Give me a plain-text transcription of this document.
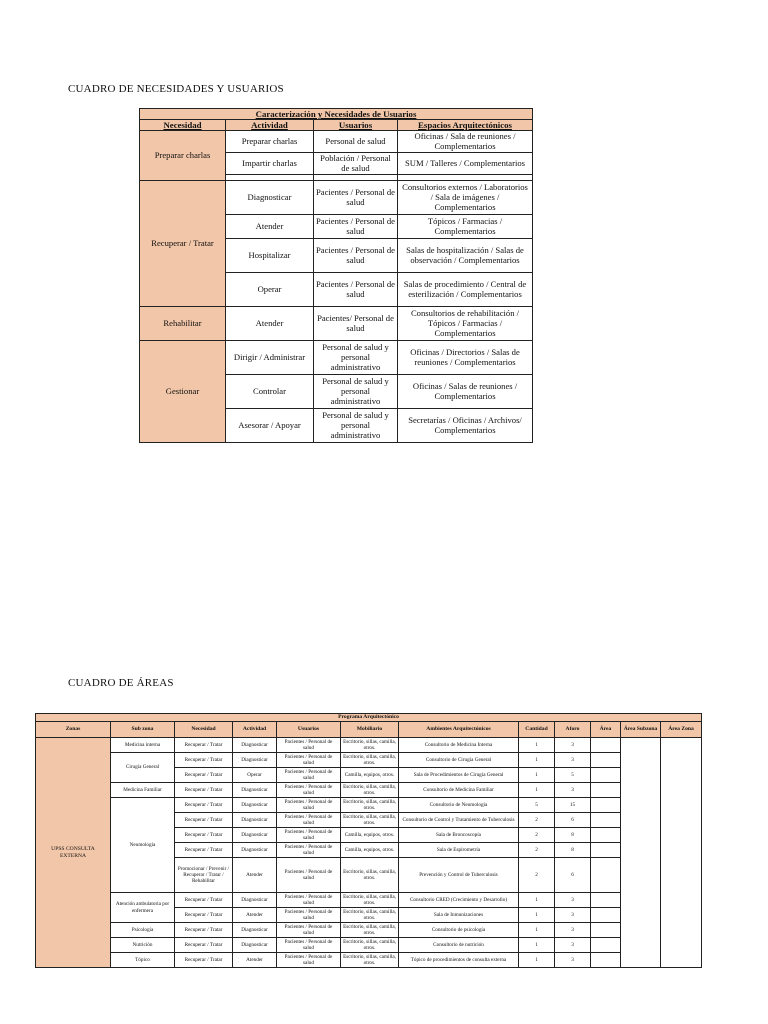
CUADRO DE NECESIDADES Y USUARIOS
Caracterización y Necesidades de Usuarios			
Necesidad	Actividad	Usuarios	Espacios Arquitectónicos
Preparar charlas	Preparar charlas	Personal de salud	Oficinas / Sala de reuniones / Complementarios
	Impartir charlas	Población / Personal de salud	SUM / Talleres / Complementarios

Recuperar / Tratar	Diagnosticar	Pacientes / Personal de salud	Consultorios externos / Laboratorios / Sala de imágenes / Complementarios
	Atender	Pacientes / Personal de salud	Tópicos / Farmacias / Complementarios
	Hospitalizar	Pacientes / Personal de salud	Salas de hospitalización / Salas de observación / Complementarios
	Operar	Pacientes / Personal de salud	Salas de procedimiento / Central de esterilización / Complementarios
Rehabilitar	Atender	Pacientes/ Personal de salud	Consultorios de rehabilitación / Tópicos / Farmacias / Complementarios
Gestionar	Dirigir / Administrar	Personal de salud y personal administrativo	Oficinas / Directorios / Salas de reuniones / Complementarios
	Controlar	Personal de salud y personal administrativo	Oficinas / Salas de reuniones / Complementarios
	Asesorar / Apoyar	Personal de salud y personal administrativo	Secretarías / Oficinas / Archivos/ Complementarios
CUADRO DE ÁREAS
Programa Arquitectónico											
Zonas	Sub zona	Necesidad	Actividad	Usuarios	Mobiliario	Ambientes Arquitectónicos	Cantidad	Aforo	Área	Área Subzona	Área Zona
UPSS CONSULTA EXTERNA	Medicina interna	Recuperar / Tratar	Diagnosticar	Pacientes / Personal de salud	Escritorio, sillas, camilla, otros.	Consultorio de Medicina Interna	1	3			
	Cirugía General	Recuperar / Tratar	Diagnosticar	Pacientes / Personal de salud	Escritorio, sillas, camilla, otros.	Consultorio de Cirugía General	1	3			
		Recuperar / Tratar	Operar	Pacientes / Personal de salud	Camilla, equipos, otros.	Sala de Procedimientos de Cirugía General	1	5			
	Medicina Familiar	Recuperar / Tratar	Diagnosticar	Pacientes / Personal de salud	Escritorio, sillas, camilla, otros.	Consultorio de Medicina Familiar	1	3			
	Neumología	Recuperar / Tratar	Diagnosticar	Pacientes / Personal de salud	Escritorio, sillas, camilla, otros.	Consultorio de Neumología	5	15			
		Recuperar / Tratar	Diagnosticar	Pacientes / Personal de salud	Escritorio, sillas, camilla, otros.	Consultorio de Control y Tratamiento de Tuberculosis	2	6			
		Recuperar / Tratar	Diagnosticar	Pacientes / Personal de salud	Camilla, equipos, otros.	Sala de Broncoscopía	2	8			
		Recuperar / Tratar	Diagnosticar	Pacientes / Personal de salud	Camilla, equipos, otros.	Sala de Espirometría	2	8			
		Promocionar / Prevenir / Recuperar / Tratar / Rehabilitar	Atender	Pacientes / Personal de salud	Escritorio, sillas, camilla, otros.	Prevención y Control de Tuberculosis	2	6			
	Atención ambulatoria por enfermera	Recuperar / Tratar	Diagnosticar	Pacientes / Personal de salud	Escritorio, sillas, camilla, otros.	Consultorio CRED (Crecimiento y Desarrollo)	1	3			
		Recuperar / Tratar	Atender	Pacientes / Personal de salud	Escritorio, sillas, camilla, otros.	Sala de Inmunizaciones	1	3			
	Psicología	Recuperar / Tratar	Diagnosticar	Pacientes / Personal de salud	Escritorio, sillas, camilla, otros.	Consultorio de psicología	1	3			
	Nutrición	Recuperar / Tratar	Diagnosticar	Pacientes / Personal de salud	Escritorio, sillas, camilla, otros.	Consultorio de nutrición	1	3			
	Tópico	Recuperar / Tratar	Atender	Pacientes / Personal de salud	Escritorio, sillas, camilla, otros.	Tópico de procedimientos de consulta externa	1	3			
